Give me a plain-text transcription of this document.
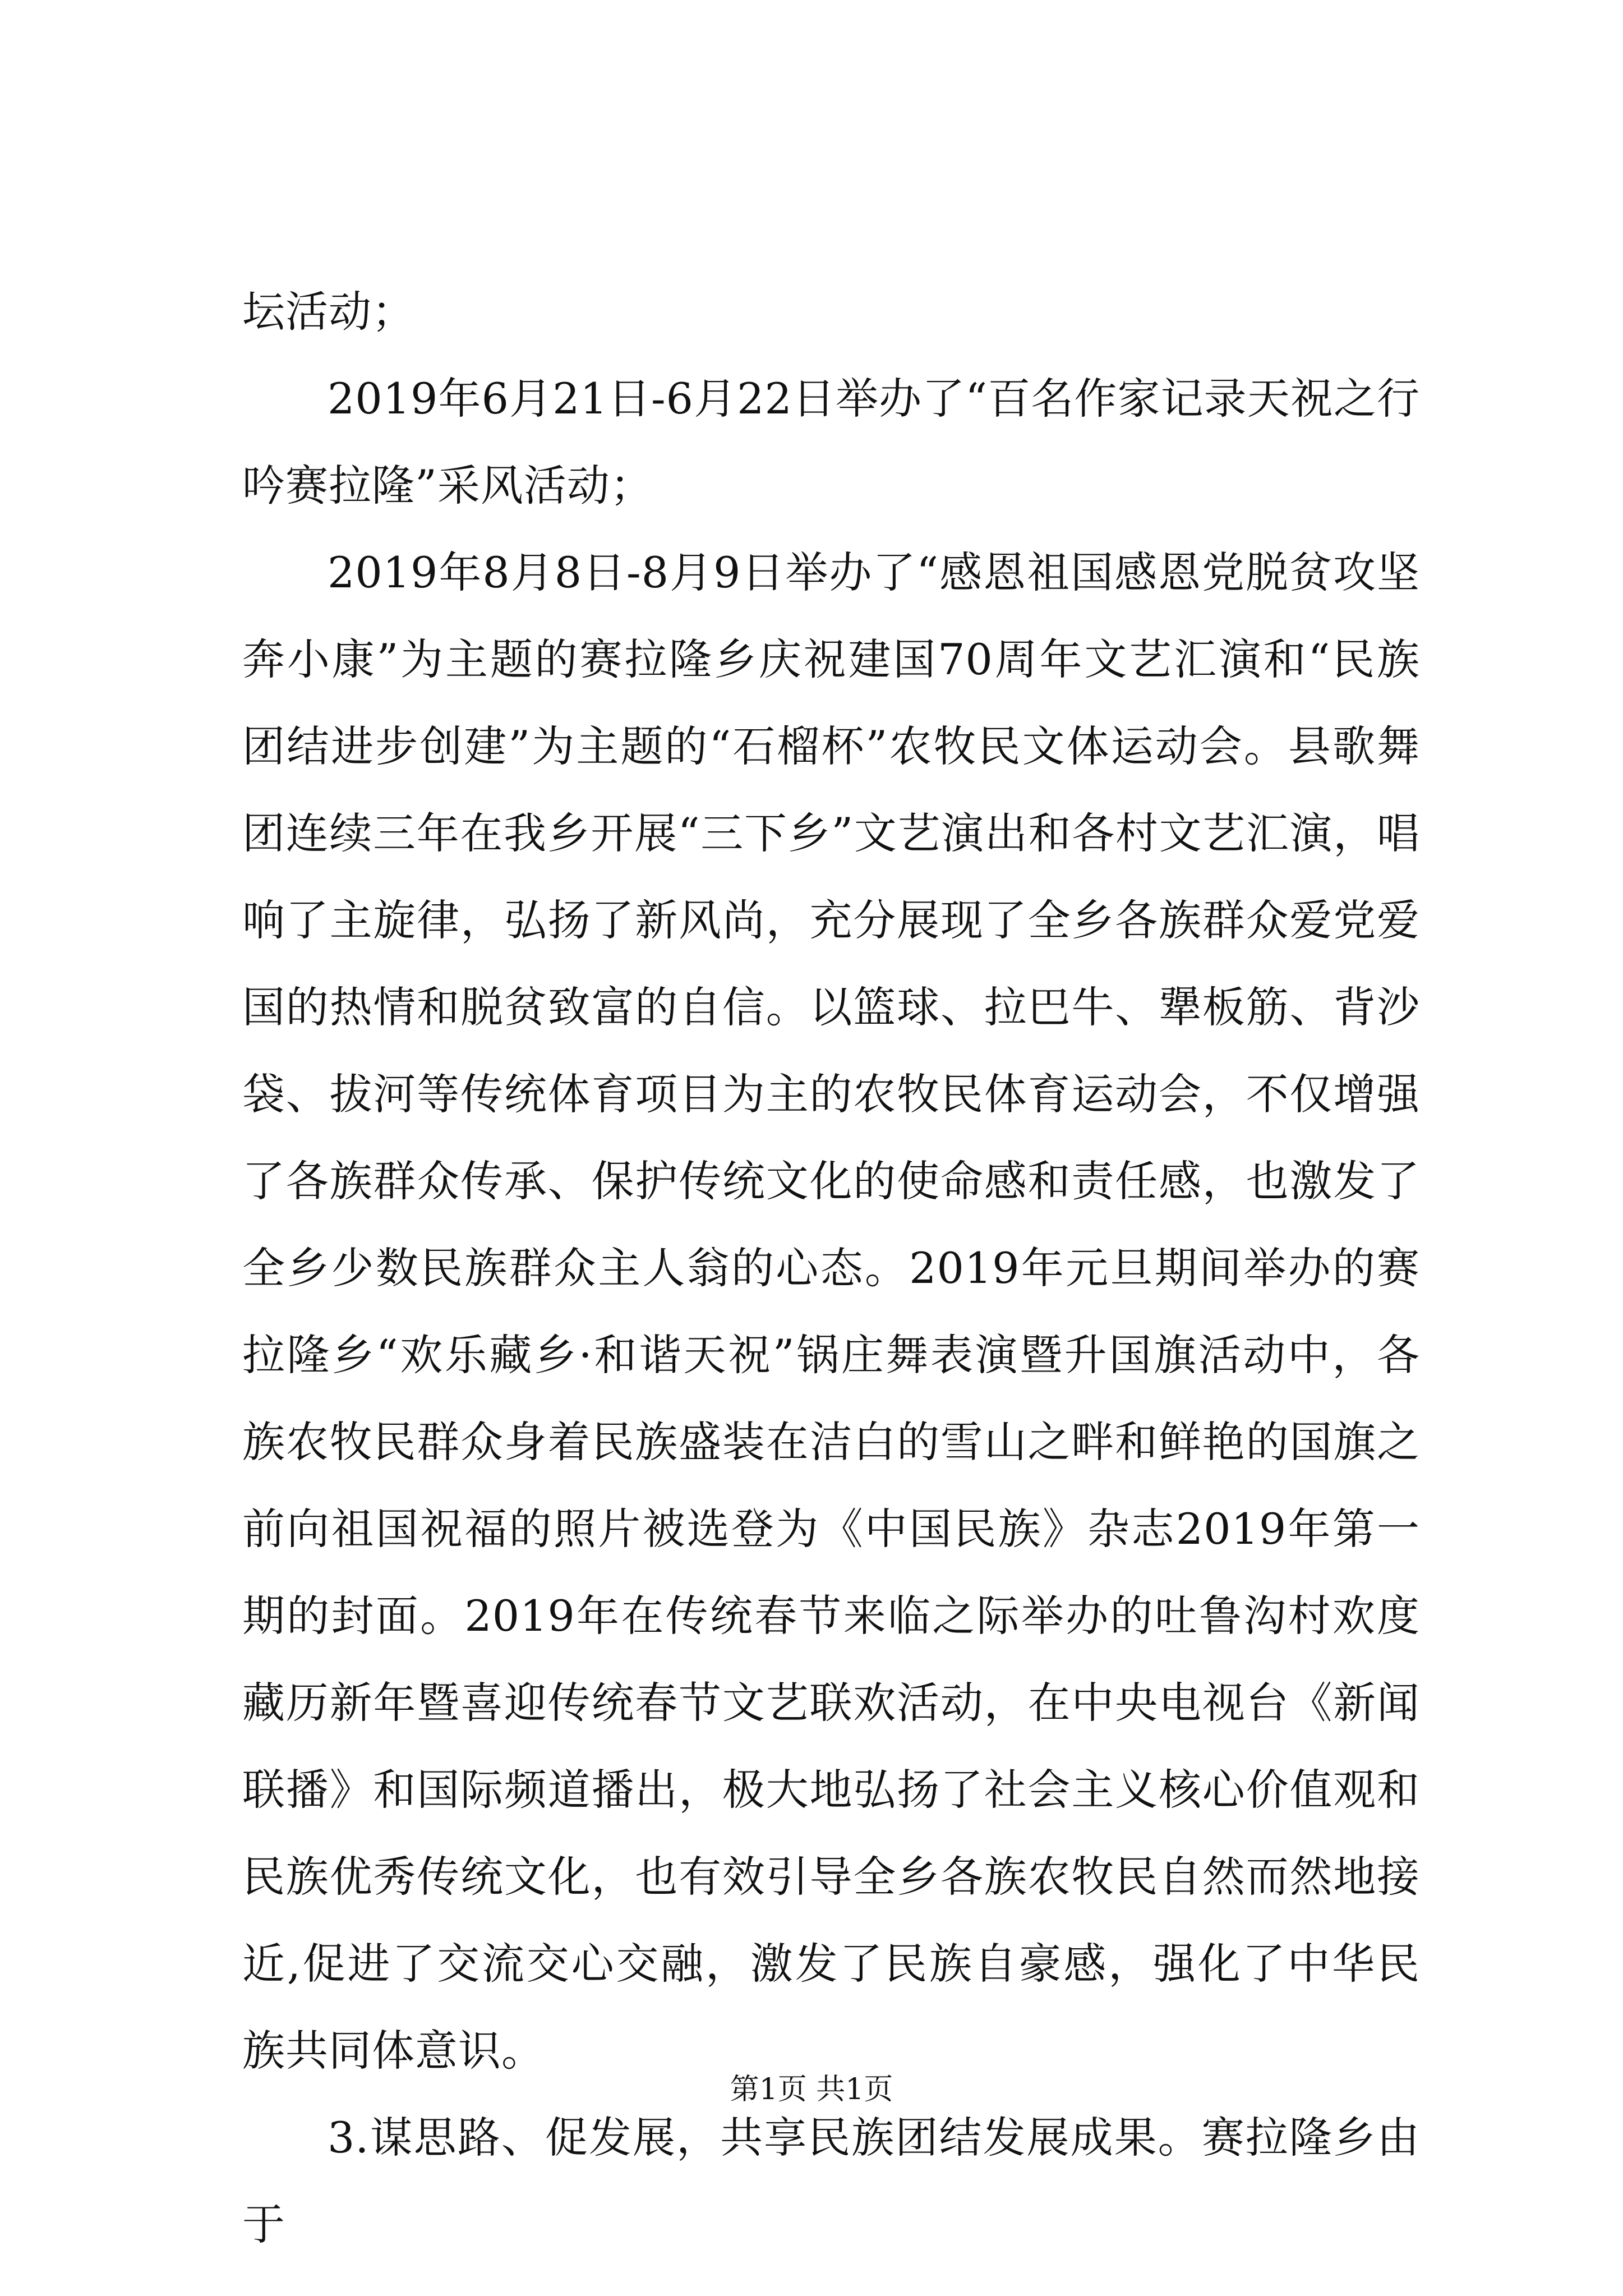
坛活动；

2019年6月21日-6月22日举办了“百名作家记录天祝之行吟赛拉隆”采风活动；

2019年8月8日-8月9日举办了“感恩祖国感恩党脱贫攻坚奔小康”为主题的赛拉隆乡庆祝建国70周年文艺汇演和“民族团结进步创建”为主题的“石榴杯”农牧民文体运动会。县歌舞团连续三年在我乡开展“三下乡”文艺演出和各村文艺汇演，唱响了主旋律，弘扬了新风尚，充分展现了全乡各族群众爱党爱国的热情和脱贫致富的自信。以篮球、拉巴牛、犟板筋、背沙袋、拔河等传统体育项目为主的农牧民体育运动会，不仅增强了各族群众传承、保护传统文化的使命感和责任感，也激发了全乡少数民族群众主人翁的心态。2019年元旦期间举办的赛拉隆乡“欢乐藏乡·和谐天祝”锅庄舞表演暨升国旗活动中，各族农牧民群众身着民族盛装在洁白的雪山之畔和鲜艳的国旗之前向祖国祝福的照片被选登为《中国民族》杂志2019年第一期的封面。2019年在传统春节来临之际举办的吐鲁沟村欢度藏历新年暨喜迎传统春节文艺联欢活动，在中央电视台《新闻联播》和国际频道播出，极大地弘扬了社会主义核心价值观和民族优秀传统文化，也有效引导全乡各族农牧民自然而然地接近,促进了交流交心交融，激发了民族自豪感，强化了中华民族共同体意识。

3.谋思路、促发展，共享民族团结发展成果。赛拉隆乡由于

第1页 共1页
